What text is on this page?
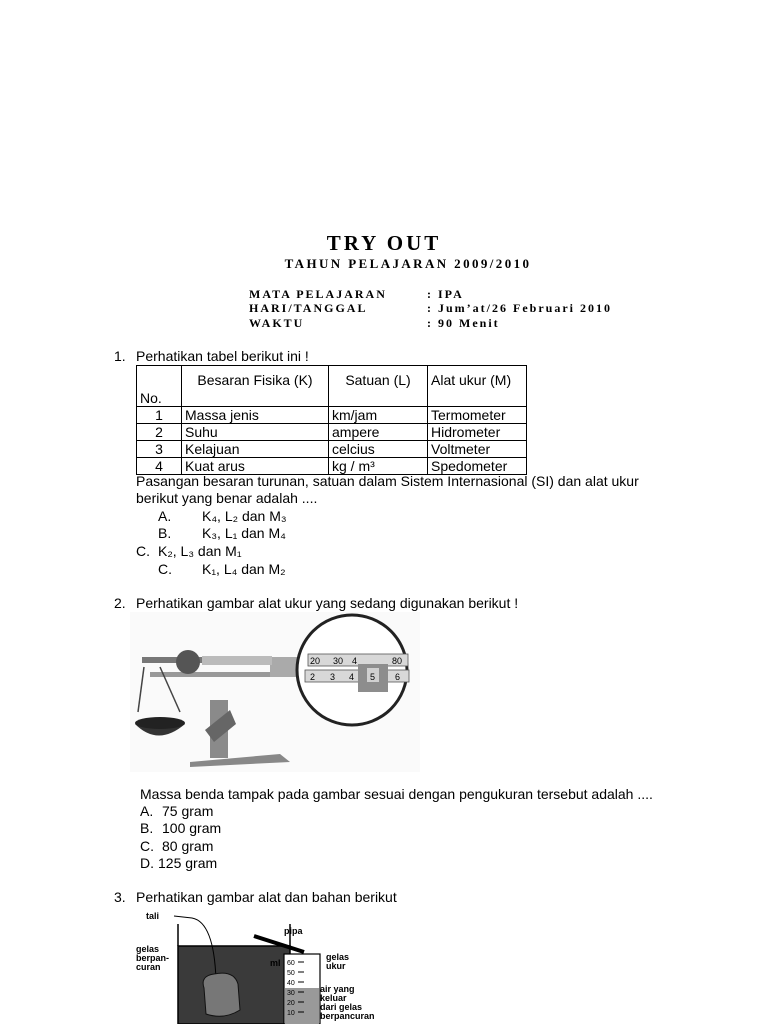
TRY OUT
TAHUN PELAJARAN 2009/2010
MATA PELAJARAN	: IPA
HARI/TANGGAL	: Jum’at/26 Februari 2010
WAKTU	: 90 Menit
1. Perhatikan tabel berikut ini !
No.	Besaran Fisika (K)	Satuan (L)	Alat ukur (M)
1	Massa jenis	km/jam	Termometer
2	Suhu	ampere	Hidrometer
3	Kelajuan	celcius	Voltmeter
4	Kuat arus	kg / m³	Spedometer
Pasangan besaran turunan, satuan dalam Sistem Internasional (SI) dan alat ukur
berikut yang benar adalah ....
A. K₄, L₂ dan M₃
B. K₃, L₁ dan M₄
C. K₂, L₃ dan M₁
C. K₁, L₄ dan M₂
2. Perhatikan gambar alat ukur yang sedang digunakan berikut !
20 30 4	80
2 3 4 5 6
Massa benda tampak pada gambar sesuai dengan pengukuran tersebut adalah ....
A. 75 gram
B. 100 gram
C. 80 gram
D. 125 gram
3. Perhatikan gambar alat dan bahan berikut
60
50
40
30
20
10
tali
pipa
gelas
berpan-
curan	ml
gelas
ukur
air yang
keluar
dari gelas
berpancuran
